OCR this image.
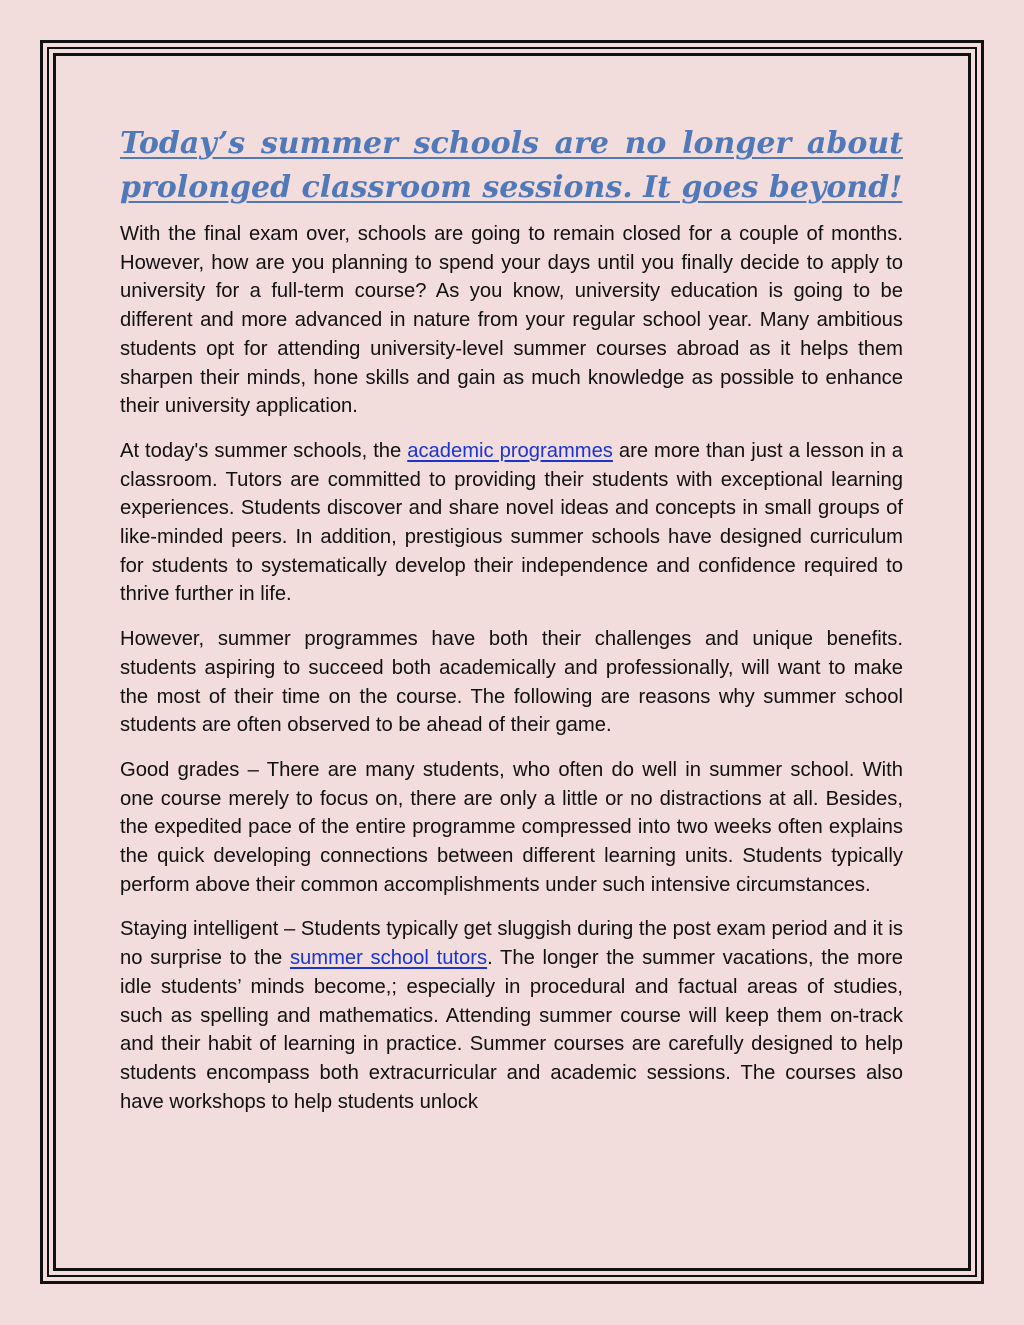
Today’s summer schools are no longer about prolonged classroom sessions. It goes beyond!

With the final exam over, schools are going to remain closed for a couple of months. However, how are you planning to spend your days until you finally decide to apply to university for a full-term course? As you know, university education is going to be different and more advanced in nature from your regular school year. Many ambitious students opt for attending university-level summer courses abroad as it helps them sharpen their minds, hone skills and gain as much knowledge as possible to enhance their university application.

At today's summer schools, the academic programmes are more than just a lesson in a classroom. Tutors are committed to providing their students with exceptional learning experiences. Students discover and share novel ideas and concepts in small groups of like-minded peers. In addition, prestigious summer schools have designed curriculum for students to systematically develop their independence and confidence required to thrive further in life.

However, summer programmes have both their challenges and unique benefits. students aspiring to succeed both academically and professionally, will want to make the most of their time on the course. The following are reasons why summer school students are often observed to be ahead of their game.

Good grades – There are many students, who often do well in summer school. With one course merely to focus on, there are only a little or no distractions at all. Besides, the expedited pace of the entire programme compressed into two weeks often explains the quick developing connections between different learning units. Students typically perform above their common accomplishments under such intensive circumstances.

Staying intelligent – Students typically get sluggish during the post exam period and it is no surprise to the summer school tutors. The longer the summer vacations, the more idle students’ minds become,; especially in procedural and factual areas of studies, such as spelling and mathematics. Attending summer course will keep them on-track and their habit of learning in practice. Summer courses are carefully designed to help students encompass both extracurricular and academic sessions. The courses also have workshops to help students unlock
